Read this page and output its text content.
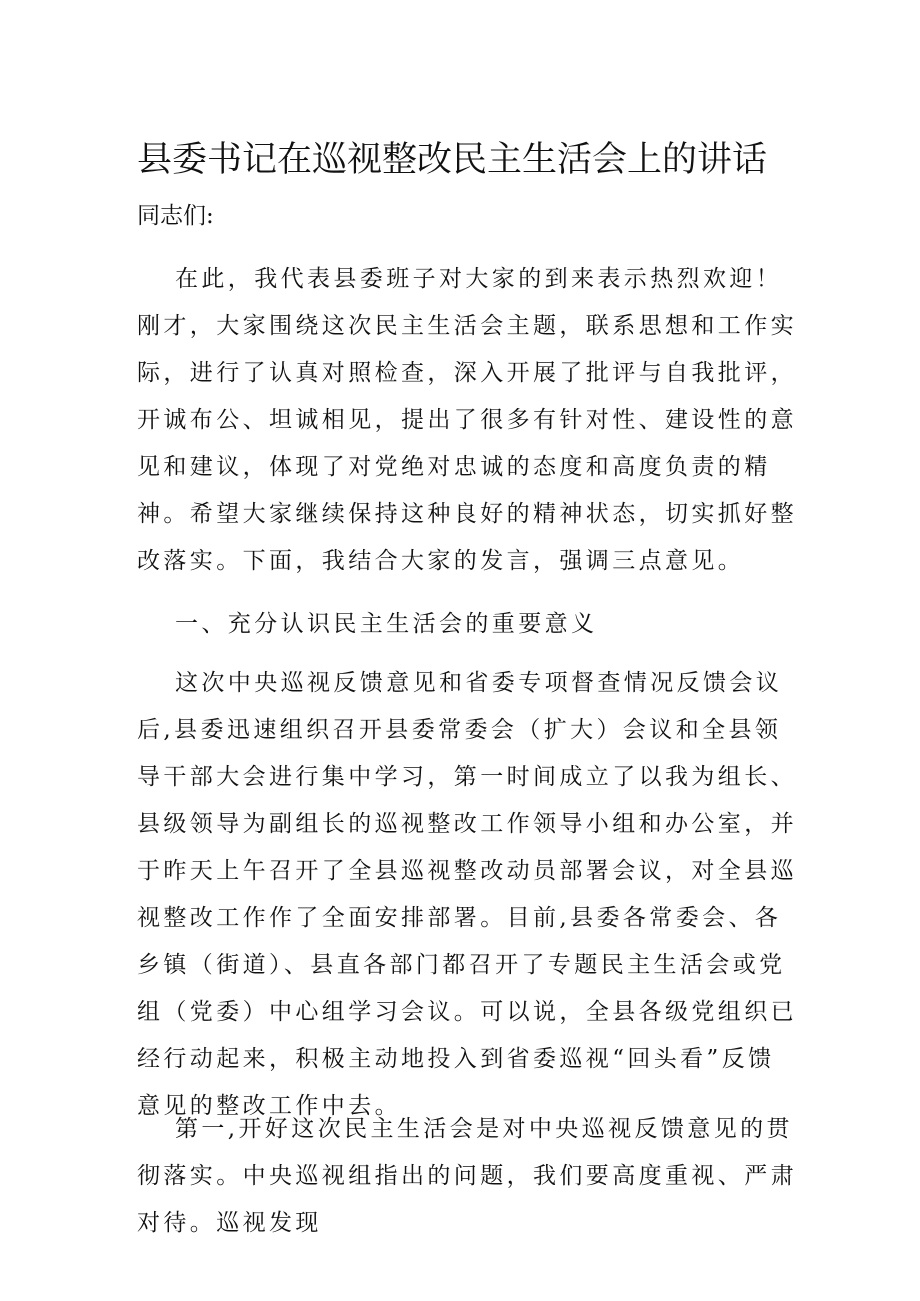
县委书记在巡视整改民主生活会上的讲话
同志们:

在此，我代表县委班子对大家的到来表示热烈欢迎！刚才，大家围绕这次民主生活会主题，联系思想和工作实际，进行了认真对照检查，深入开展了批评与自我批评，开诚布公、坦诚相见，提出了很多有针对性、建设性的意见和建议，体现了对党绝对忠诚的态度和高度负责的精神。希望大家继续保持这种良好的精神状态，切实抓好整改落实。下面，我结合大家的发言，强调三点意见。

一、充分认识民主生活会的重要意义

这次中央巡视反馈意见和省委专项督查情况反馈会议后,县委迅速组织召开县委常委会（扩大）会议和全县领导干部大会进行集中学习，第一时间成立了以我为组长、县级领导为副组长的巡视整改工作领导小组和办公室，并于昨天上午召开了全县巡视整改动员部署会议，对全县巡视整改工作作了全面安排部署。目前,县委各常委会、各乡镇（街道）、县直各部门都召开了专题民主生活会或党组（党委）中心组学习会议。可以说，全县各级党组织已经行动起来，积极主动地投入到省委巡视“回头看”反馈意见的整改工作中去。

第一,开好这次民主生活会是对中央巡视反馈意见的贯彻落实。中央巡视组指出的问题，我们要高度重视、严肃对待。巡视发现
